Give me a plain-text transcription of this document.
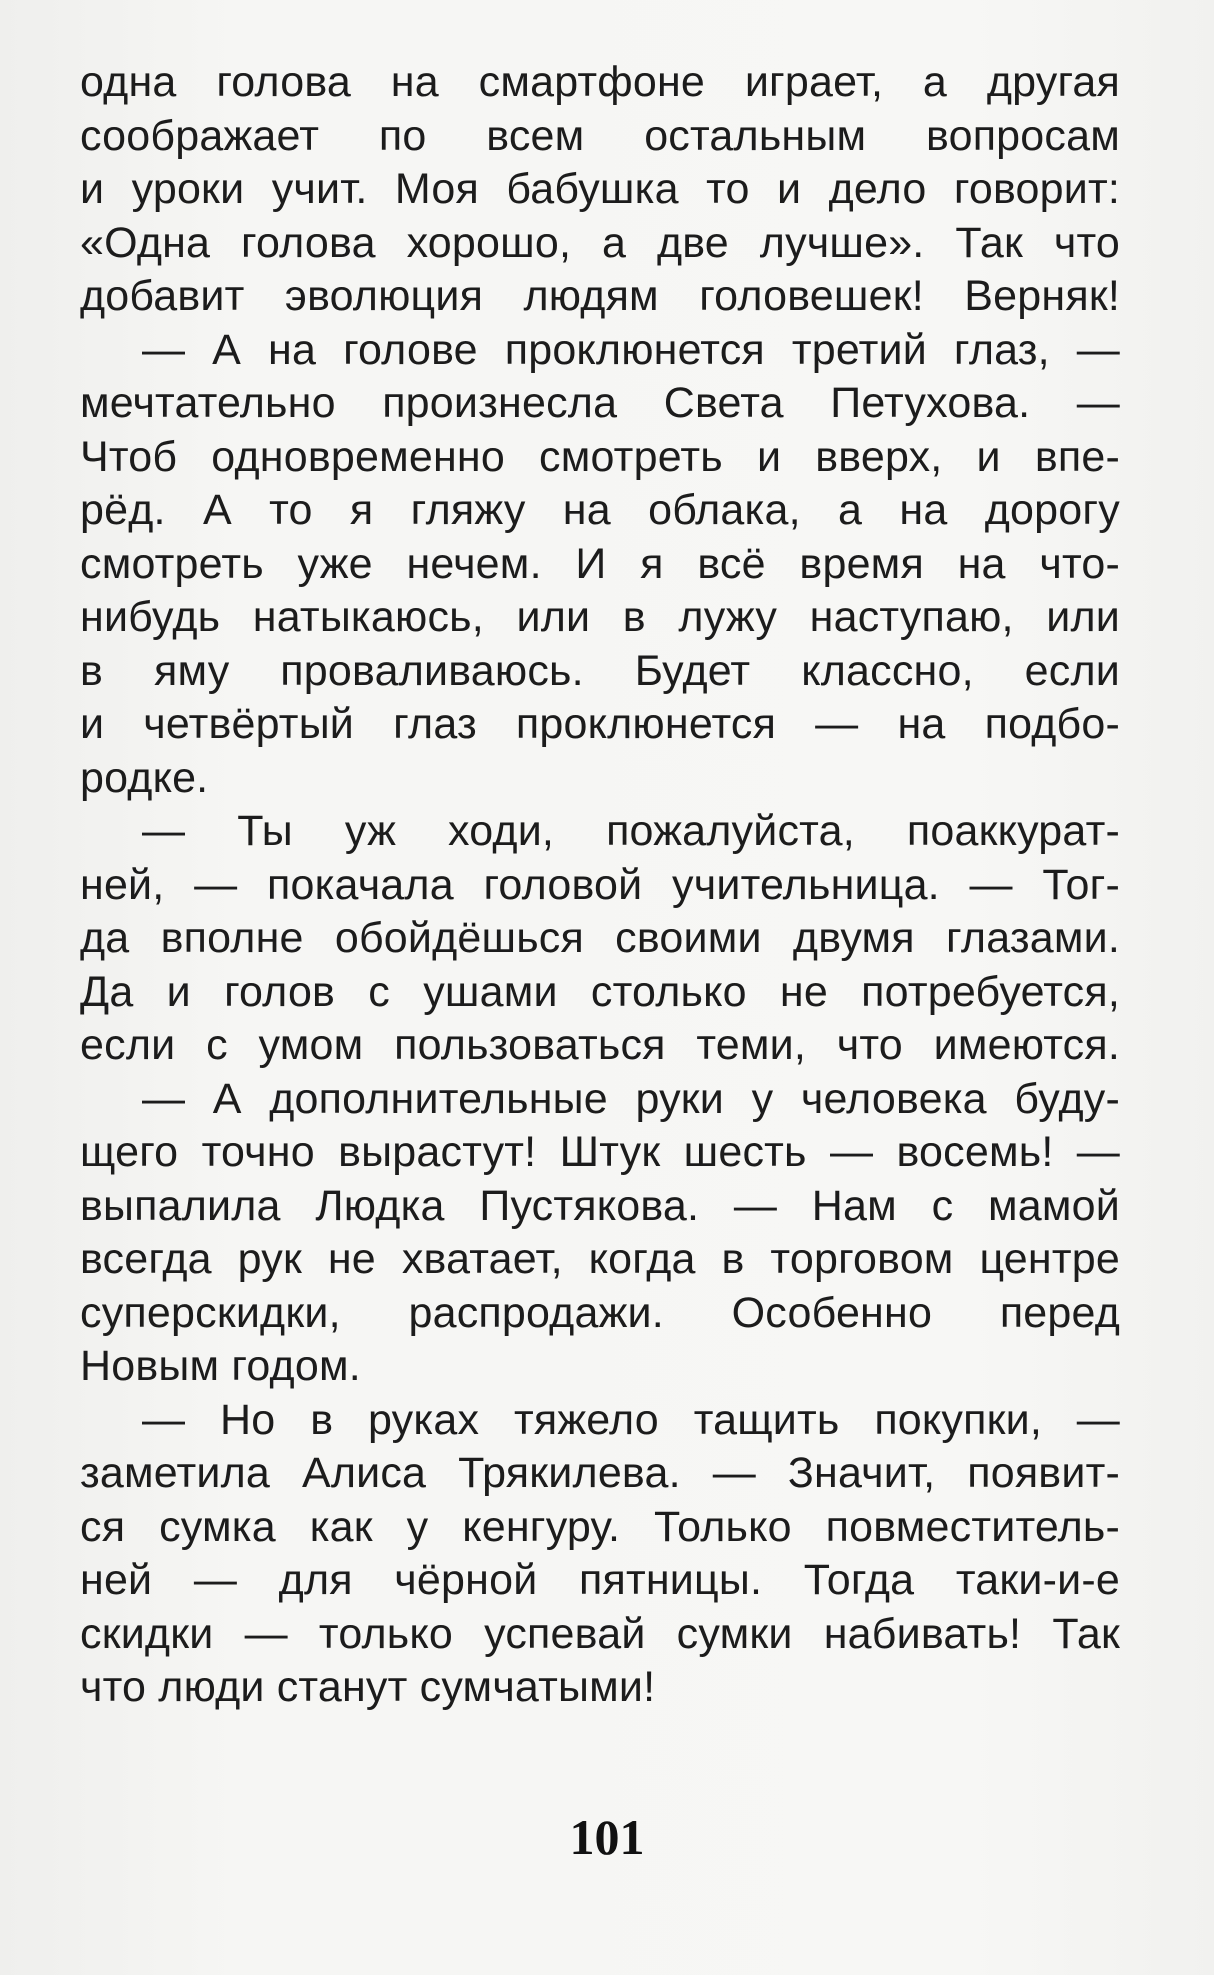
одна голова на смартфоне играет, а другая
соображает по всем остальным вопросам
и уроки учит. Моя бабушка то и дело говорит:
«Одна голова хорошо, а две лучше». Так что
добавит эволюция людям головешек! Верняк!
— А на голове проклюнется третий глаз, —
мечтательно произнесла Света Петухова. —
Чтоб одновременно смотреть и вверх, и впе-
рёд. А то я гляжу на облака, а на дорогу
смотреть уже нечем. И я всё время на что-
нибудь натыкаюсь, или в лужу наступаю, или
в яму проваливаюсь. Будет классно, если
и четвёртый глаз проклюнется — на подбо-
родке.
— Ты уж ходи, пожалуйста, поаккурат-
ней, — покачала головой учительница. — Тог-
да вполне обойдёшься своими двумя глазами.
Да и голов с ушами столько не потребуется,
если с умом пользоваться теми, что имеются.
— А дополнительные руки у человека буду-
щего точно вырастут! Штук шесть — восемь! —
выпалила Людка Пустякова. — Нам с мамой
всегда рук не хватает, когда в торговом центре
суперскидки, распродажи. Особенно перед
Новым годом.
— Но в руках тяжело тащить покупки, —
заметила Алиса Трякилева. — Значит, появит-
ся сумка как у кенгуру. Только повместитель-
ней — для чёрной пятницы. Тогда таки-и-е
скидки — только успевай сумки набивать! Так
что люди станут сумчатыми!
101
